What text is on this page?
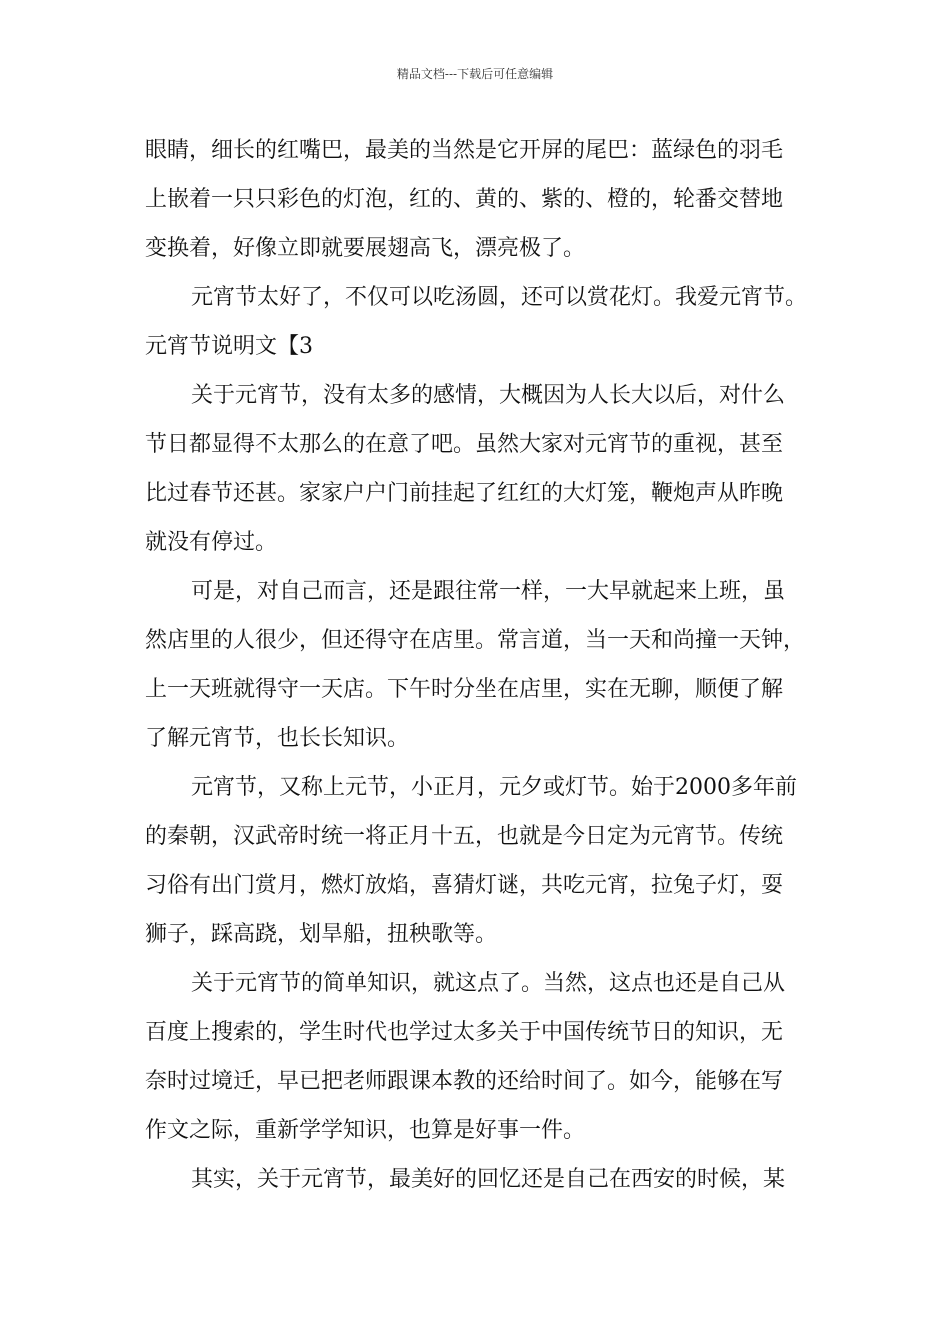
精品文档---下载后可任意编辑
眼睛，细长的红嘴巴，最美的当然是它开屏的尾巴：蓝绿色的羽毛
上嵌着一只只彩色的灯泡，红的、黄的、紫的、橙的，轮番交替地
变换着，好像立即就要展翅高飞，漂亮极了。
元宵节太好了，不仅可以吃汤圆，还可以赏花灯。我爱元宵节。
元宵节说明文【3
关于元宵节，没有太多的感情，大概因为人长大以后，对什么
节日都显得不太那么的在意了吧。虽然大家对元宵节的重视，甚至
比过春节还甚。家家户户门前挂起了红红的大灯笼，鞭炮声从昨晚
就没有停过。
可是，对自己而言，还是跟往常一样，一大早就起来上班，虽
然店里的人很少，但还得守在店里。常言道，当一天和尚撞一天钟，
上一天班就得守一天店。下午时分坐在店里，实在无聊，顺便了解
了解元宵节，也长长知识。
元宵节，又称上元节，小正月，元夕或灯节。始于2000多年前
的秦朝，汉武帝时统一将正月十五，也就是今日定为元宵节。传统
习俗有出门赏月，燃灯放焰，喜猜灯谜，共吃元宵，拉兔子灯，耍
狮子，踩高跷，划旱船，扭秧歌等。
关于元宵节的简单知识，就这点了。当然，这点也还是自己从
百度上搜索的，学生时代也学过太多关于中国传统节日的知识，无
奈时过境迁，早已把老师跟课本教的还给时间了。如今，能够在写
作文之际，重新学学知识，也算是好事一件。
其实，关于元宵节，最美好的回忆还是自己在西安的时候，某
